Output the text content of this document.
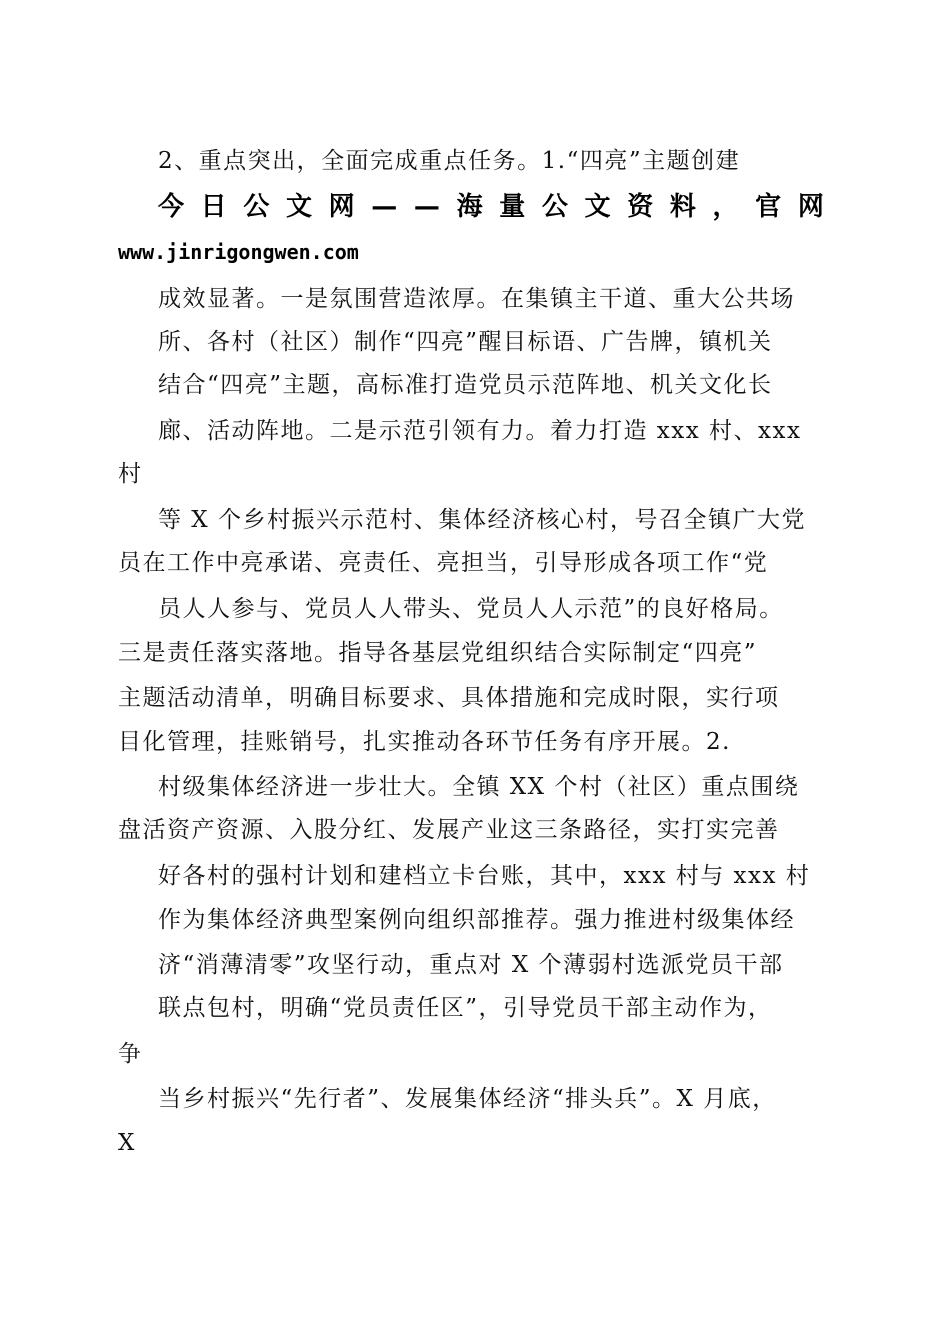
2、重点突出，全面完成重点任务。1.“四亮”主题创建
今 日 公 文 网 — — 海 量 公 文 资 料 ， 官 网
www.jinrigongwen.com
成效显著。一是氛围营造浓厚。在集镇主干道、重大公共场
所、各村（社区）制作“四亮”醒目标语、广告牌，镇机关
结合“四亮”主题，高标准打造党员示范阵地、机关文化长
廊、活动阵地。二是示范引领有力。着力打造 xxx 村、xxx
村
等 X 个乡村振兴示范村、集体经济核心村，号召全镇广大党
员在工作中亮承诺、亮责任、亮担当，引导形成各项工作“党
员人人参与、党员人人带头、党员人人示范”的良好格局。
三是责任落实落地。指导各基层党组织结合实际制定“四亮”
主题活动清单，明确目标要求、具体措施和完成时限，实行项
目化管理，挂账销号，扎实推动各环节任务有序开展。2.
村级集体经济进一步壮大。全镇 XX 个村（社区）重点围绕
盘活资产资源、入股分红、发展产业这三条路径，实打实完善
好各村的强村计划和建档立卡台账，其中，xxx 村与 xxx 村
作为集体经济典型案例向组织部推荐。强力推进村级集体经
济“消薄清零”攻坚行动，重点对 X 个薄弱村选派党员干部
联点包村，明确“党员责任区”，引导党员干部主动作为，
争
当乡村振兴“先行者”、发展集体经济“排头兵”。X 月底，
X
